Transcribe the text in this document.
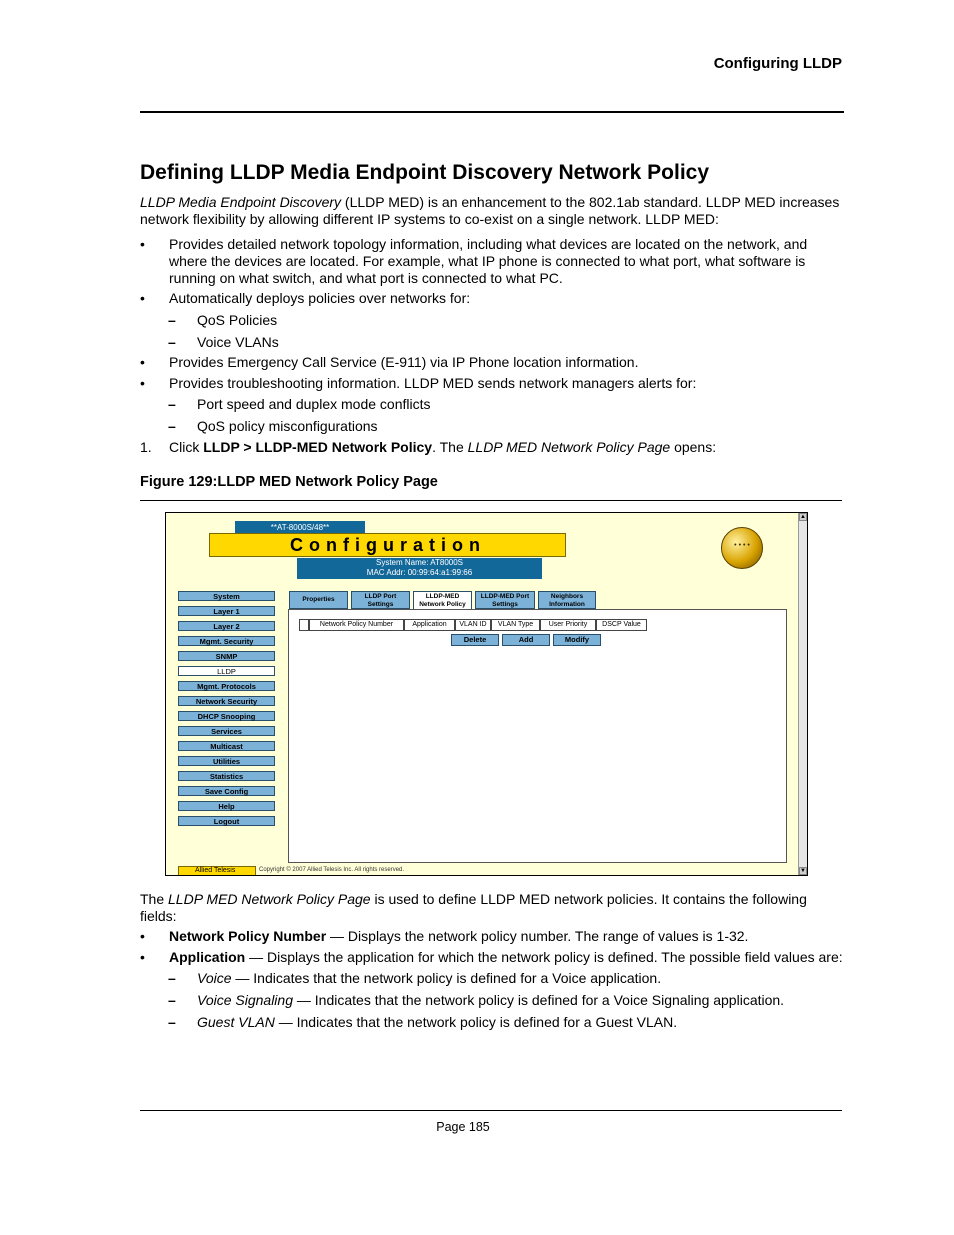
Configuring LLDP
Defining LLDP Media Endpoint Discovery Network Policy
LLDP Media Endpoint Discovery (LLDP MED) is an enhancement to the 802.1ab standard. LLDP MED increases
network flexibility by allowing different IP systems to co-exist on a single network. LLDP MED:
• Provides detailed network topology information, including what devices are located on the network, and where the devices are located. For example, what IP phone is connected to what port, what software is running on what switch, and what port is connected to what PC.
• Automatically deploys policies over networks for:
– QoS Policies
– Voice VLANs
• Provides Emergency Call Service (E-911) via IP Phone location information.
• Provides troubleshooting information. LLDP MED sends network managers alerts for:
– Port speed and duplex mode conflicts
– QoS policy misconfigurations
1. Click LLDP > LLDP-MED Network Policy. The LLDP MED Network Policy Page opens:
Figure 129:LLDP MED Network Policy Page
**AT-8000S/48**
Configuration
System Name: AT8000S
MAC Addr: 00:99:64:a1:99:66
• • • •
System
Layer 1
Layer 2
Mgmt. Security
SNMP
LLDP
Mgmt. Protocols
Network Security
DHCP Snooping
Services
Multicast
Utilities
Statistics
Save Config
Help
Logout
Properties	LLDP Port
Settings
LLDP-MED
Network Policy
LLDP-MED Port
Settings
Neighbors
Information
Network Policy Number	Application	VLAN ID	VLAN Type	User Priority	DSCP Value
Delete	Add	Modify
Allied Telesis	Copyright © 2007 Allied Telesis Inc. All rights reserved.
▲
▼
The LLDP MED Network Policy Page is used to define LLDP MED network policies. It contains the following
fields:
• Network Policy Number — Displays the network policy number. The range of values is 1-32.
• Application — Displays the application for which the network policy is defined. The possible field values are:
– Voice — Indicates that the network policy is defined for a Voice application.
– Voice Signaling — Indicates that the network policy is defined for a Voice Signaling application.
– Guest VLAN — Indicates that the network policy is defined for a Guest VLAN.
Page 185
